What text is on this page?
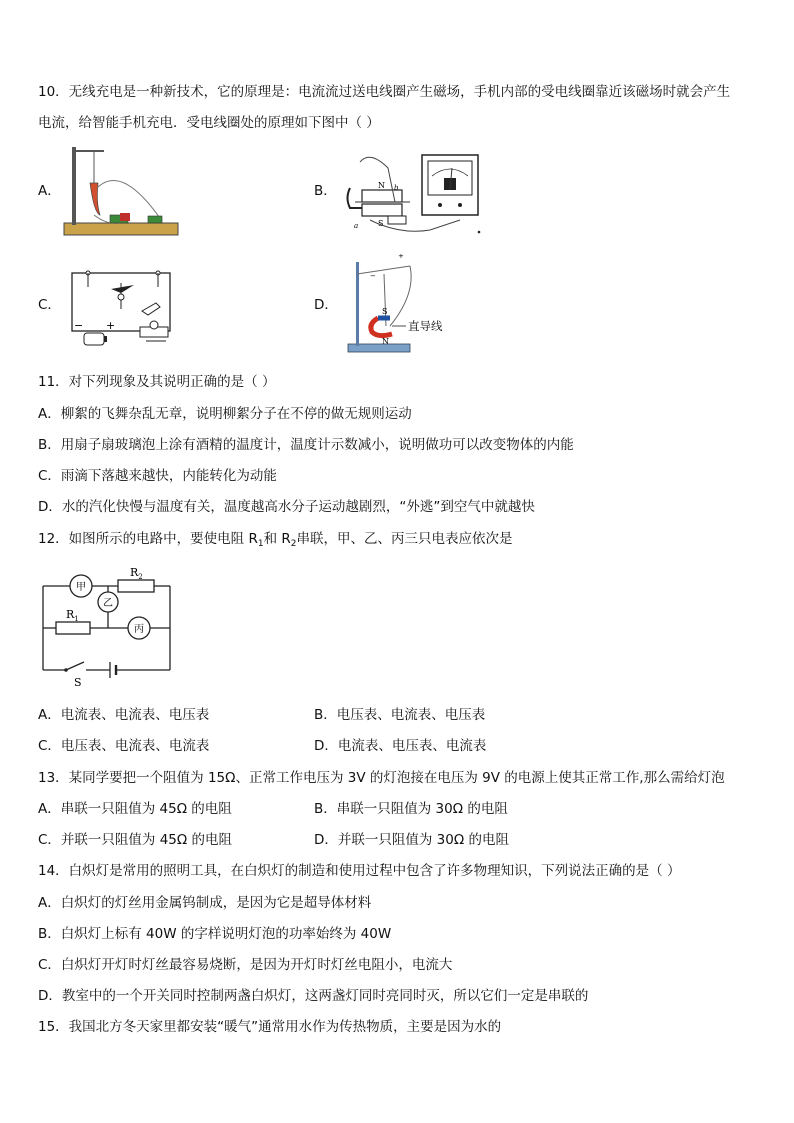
10．无线充电是一种新技术，它的原理是：电流流过送电线圈产生磁场，手机内部的受电线圈靠近该磁场时就会产生
电流，给智能手机充电．受电线圈处的原理如下图中（ ）
A．	B．	N
S
a
b
C．
− +
D．
+
−
S
N
直导线
11．对下列现象及其说明正确的是（ ）
A．柳絮的飞舞杂乱无章，说明柳絮分子在不停的做无规则运动
B．用扇子扇玻璃泡上涂有酒精的温度计，温度计示数减小，说明做功可以改变物体的内能
C．雨滴下落越来越快，内能转化为动能
D．水的汽化快慢与温度有关，温度越高水分子运动越剧烈，“外逃”到空气中就越快
12．如图所示的电路中，要使电阻 $R_1$和 $R_2$串联，甲、乙、丙三只电表应依次是
甲
乙
丙
$R_2$
$R_1$
S
A．电流表、电流表、电压表	B．电压表、电流表、电压表
C．电压表、电流表、电流表	D．电流表、电压表、电流表
13．某同学要把一个阻值为 15Ω、正常工作电压为 3V 的灯泡接在电压为 9V 的电源上使其正常工作,那么需给灯泡
A．串联一只阻值为 45Ω 的电阻	B．串联一只阻值为 30Ω 的电阻
C．并联一只阻值为 45Ω 的电阻	D．并联一只阻值为 30Ω 的电阻
14．白炽灯是常用的照明工具，在白炽灯的制造和使用过程中包含了许多物理知识，下列说法正确的是（ ）
A．白炽灯的灯丝用金属钨制成，是因为它是超导体材料
B．白炽灯上标有 40W 的字样说明灯泡的功率始终为 40W
C．白炽灯开灯时灯丝最容易烧断，是因为开灯时灯丝电阻小，电流大
D．教室中的一个开关同时控制两盏白炽灯，这两盏灯同时亮同时灭，所以它们一定是串联的
15．我国北方冬天家里都安装“暖气”通常用水作为传热物质，主要是因为水的
